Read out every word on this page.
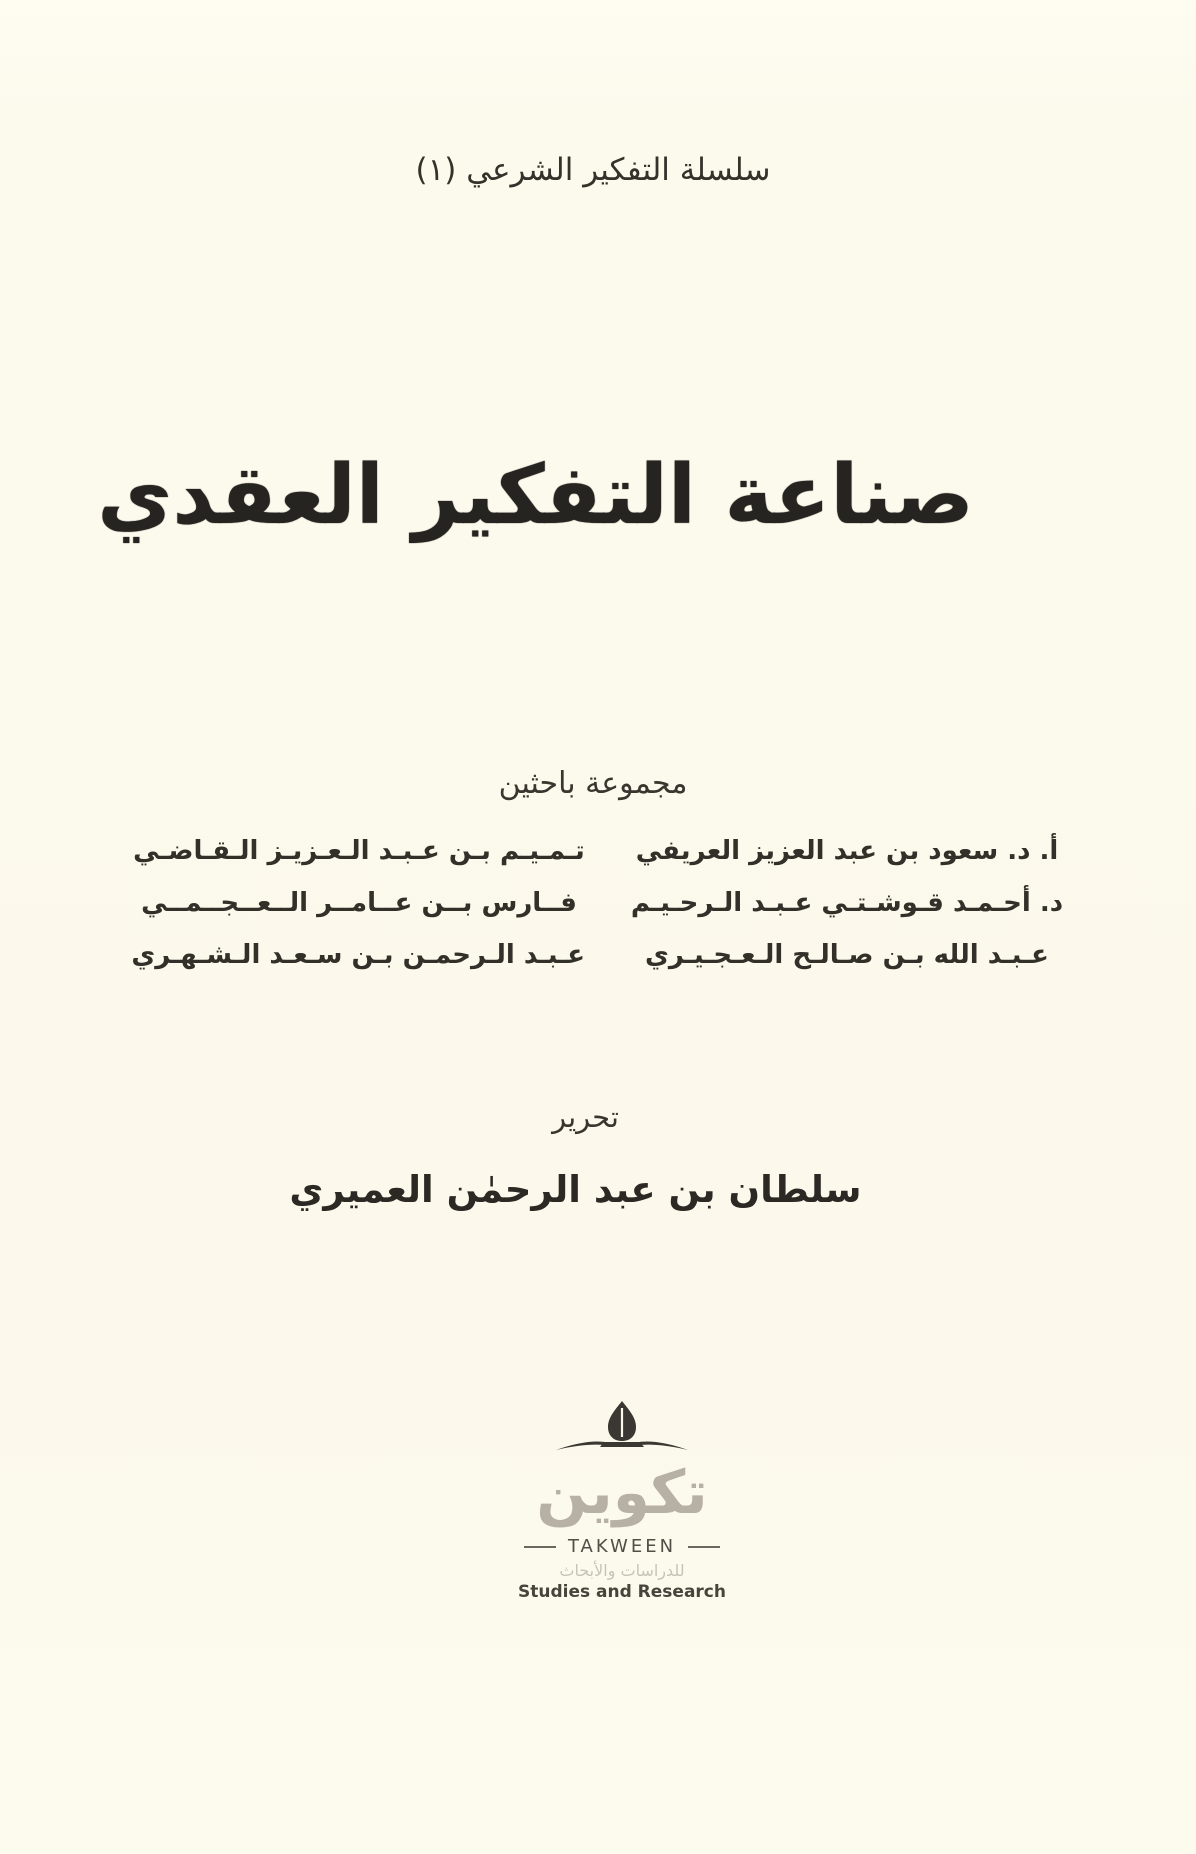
سلسلة التفكير الشرعي (١)
صناعة التفكير العقدي
مجموعة باحثين
أ. د. سعود بن عبد العزيز العريفي
تـمـيـم بـن عـبـد الـعـزيـز الـقـاضـي
د. أحـمـد قـوشـتـي عـبـد الـرحـيـم
فــارس بــن عــامــر الــعــجــمــي
عـبـد الله بـن صـالـح الـعـجـيـري
عـبـد الـرحمـن بـن سـعـد الـشـهـري
تحرير
سلطان بن عبد الرحمٰن العميري
تكوين
TAKWEEN
للدراسات والأبحاث
Studies and Research
